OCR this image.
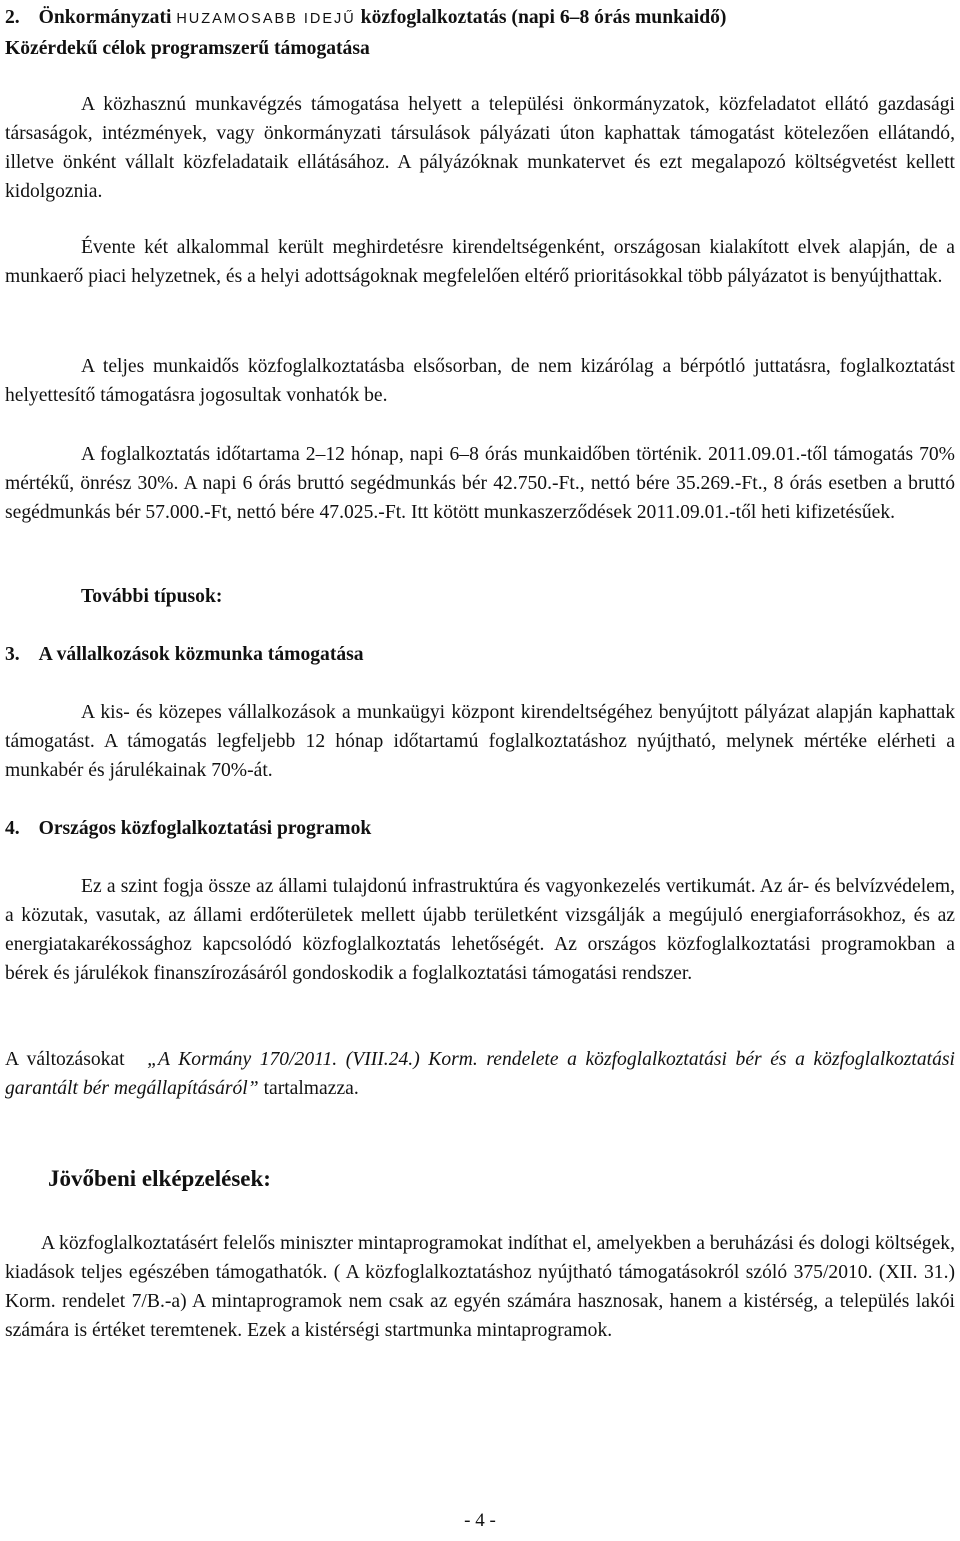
2. Önkormányzati HUZAMOSABB IDEJŰ közfoglalkoztatás (napi 6–8 órás munkaidő)
Közérdekű célok programszerű támogatása

A közhasznú munkavégzés támogatása helyett a települési önkormányzatok, közfeladatot ellátó gazdasági társaságok, intézmények, vagy önkormányzati társulások pályázati úton kaphattak támogatást kötelezően ellátandó, illetve önként vállalt közfeladataik ellátásához. A pályázóknak munkatervet és ezt megalapozó költségvetést kellett kidolgoznia.

Évente két alkalommal került meghirdetésre kirendeltségenként, országosan kialakított elvek alapján, de a munkaerő piaci helyzetnek, és a helyi adottságoknak megfelelően eltérő prioritásokkal több pályázatot is benyújthattak.

A teljes munkaidős közfoglalkoztatásba elsősorban, de nem kizárólag a bérpótló juttatásra, foglalkoztatást helyettesítő támogatásra jogosultak vonhatók be.

A foglalkoztatás időtartama 2–12 hónap, napi 6–8 órás munkaidőben történik. 2011.09.01.-től támogatás 70% mértékű, önrész 30%. A napi 6 órás bruttó segédmunkás bér 42.750.-Ft., nettó bére 35.269.-Ft., 8 órás esetben a bruttó segédmunkás bér 57.000.-Ft, nettó bére 47.025.-Ft. Itt kötött munkaszerződések 2011.09.01.-től heti kifizetésűek.

További típusok:
3. A vállalkozások közmunka támogatása

A kis- és közepes vállalkozások a munkaügyi központ kirendeltségéhez benyújtott pályázat alapján kaphattak támogatást. A támogatás legfeljebb 12 hónap időtartamú foglalkoztatáshoz nyújtható, melynek mértéke elérheti a munkabér és járulékainak 70%-át.

4. Országos közfoglalkoztatási programok

Ez a szint fogja össze az állami tulajdonú infrastruktúra és vagyonkezelés vertikumát. Az ár- és belvízvédelem, a közutak, vasutak, az állami erdőterületek mellett újabb területként vizsgálják a megújuló energiaforrásokhoz, és az energiatakarékossághoz kapcsolódó közfoglalkoztatás lehetőségét. Az országos közfoglalkoztatási programokban a bérek és járulékok finanszírozásáról gondoskodik a foglalkoztatási támogatási rendszer.

A változásokat „A Kormány 170/2011. (VIII.24.) Korm. rendelete a közfoglalkoztatási bér és a közfoglalkoztatási garantált bér megállapításáról” tartalmazza.

Jövőbeni elképzelések:

A közfoglalkoztatásért felelős miniszter mintaprogramokat indíthat el, amelyekben a beruházási és dologi költségek, kiadások teljes egészében támogathatók. ( A közfoglalkoztatáshoz nyújtható támogatásokról szóló 375/2010. (XII. 31.) Korm. rendelet 7/B.-a) A mintaprogramok nem csak az egyén számára hasznosak, hanem a kistérség, a település lakói számára is értéket teremtenek. Ezek a kistérségi startmunka mintaprogramok.

- 4 -
